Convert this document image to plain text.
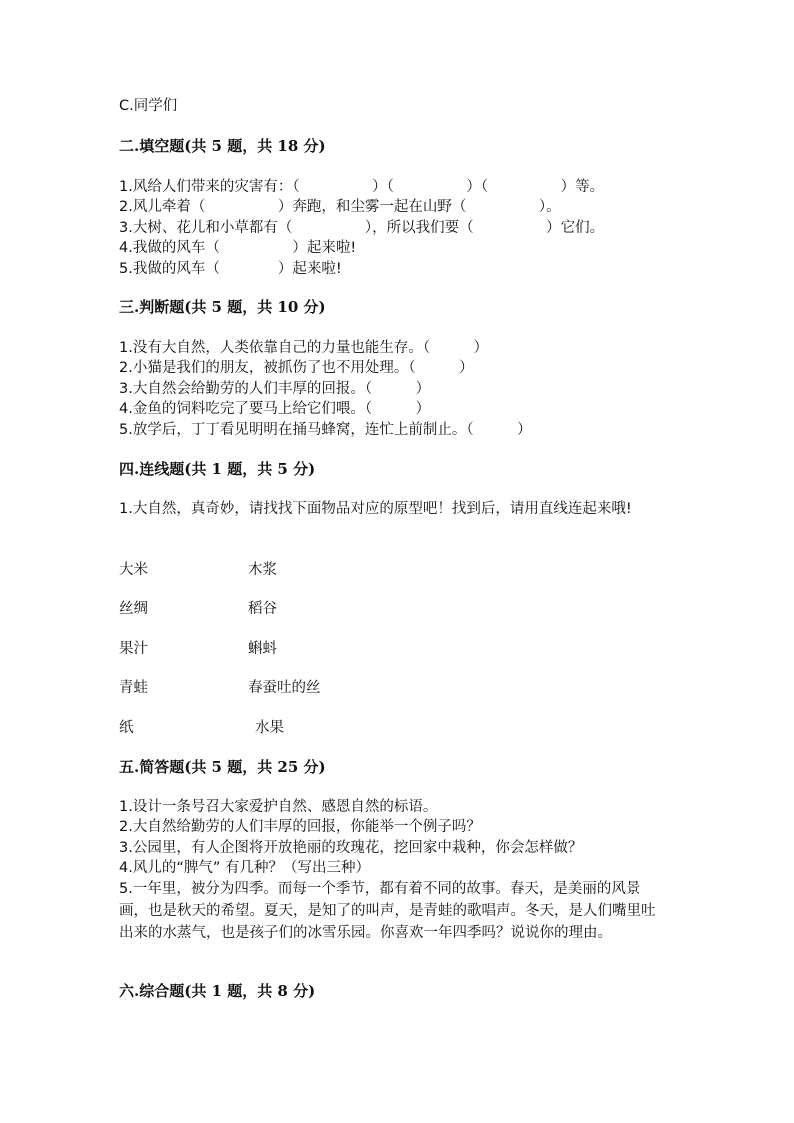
C.同学们
二.填空题(共 5 题，共 18 分)
1.风给人们带来的灾害有：（　　　　　）（　　　　　）（　　　　　）等。
2.风儿牵着（　　　　　）奔跑，和尘雾一起在山野（　　　　　）。
3.大树、花儿和小草都有（　　　　　），所以我们要（　　　　　）它们。
4.我做的风车（　　　　　）起来啦!
5.我做的风车（　　　　）起来啦!
三.判断题(共 5 题，共 10 分)
1.没有大自然，人类依靠自己的力量也能生存。（　　　）
2.小猫是我们的朋友，被抓伤了也不用处理。（　　　）
3.大自然会给勤劳的人们丰厚的回报。（　　　）
4.金鱼的饲料吃完了要马上给它们喂。（　　　）
5.放学后，丁丁看见明明在捅马蜂窝，连忙上前制止。（　　　）
四.连线题(共 1 题，共 5 分)
1.大自然，真奇妙，请找找下面物品对应的原型吧！找到后，请用直线连起来哦!
大米	木浆
丝绸	稻谷
果汁	蝌蚪
青蛙	春蚕吐的丝
纸	水果
五.简答题(共 5 题，共 25 分)
1.设计一条号召大家爱护自然、感恩自然的标语。
2.大自然给勤劳的人们丰厚的回报，你能举一个例子吗？
3.公园里，有人企图将开放艳丽的玫瑰花，挖回家中栽种，你会怎样做？
4.风儿的“脾气” 有几种？（写出三种）
5.一年里，被分为四季。而每一个季节，都有着不同的故事。春天，是美丽的风景画，也是秋天的希望。夏天，是知了的叫声，是青蛙的歌唱声。冬天，是人们嘴里吐出来的水蒸气，也是孩子们的冰雪乐园。你喜欢一年四季吗？说说你的理由。
六.综合题(共 1 题，共 8 分)
